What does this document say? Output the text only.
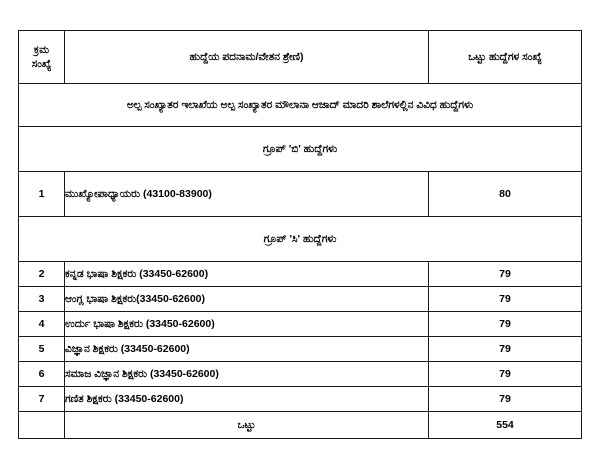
ಕ್ರಮ
ಸಂಖ್ಯೆ	ಹುದ್ದೆಯ ಪದನಾಮ/ವೇತನ ಶ್ರೇಣಿ)	ಒಟ್ಟು ಹುದ್ದೆಗಳ ಸಂಖ್ಯೆ
ಅಲ್ಪ ಸಂಖ್ಯಾತರ ಇಲಾಖೆಯ ಅಲ್ಪ ಸಂಖ್ಯಾತರ ಮೌಲಾನಾ ಆಜಾದ್ ಮಾದರಿ ಶಾಲೆಗಳಲ್ಲಿನ ವಿವಿಧ ಹುದ್ದೆಗಳು		
ಗ್ರೂಪ್ 'ಬಿ' ಹುದ್ದೆಗಳು		
1	ಮುಖ್ಯೋಪಾಧ್ಯಾಯರು (43100-83900)	80
ಗ್ರೂಪ್ 'ಸಿ' ಹುದ್ದೆಗಳು		
2	ಕನ್ನಡ ಭಾಷಾ ಶಿಕ್ಷಕರು (33450-62600)	79
3	ಆಂಗ್ಲ ಭಾಷಾ ಶಿಕ್ಷಕರು(33450-62600)	79
4	ಉರ್ದು ಭಾಷಾ ಶಿಕ್ಷಕರು (33450-62600)	79
5	ವಿಜ್ಞಾನ ಶಿಕ್ಷಕರು (33450-62600)	79
6	ಸಮಾಜ ವಿಜ್ಞಾನ ಶಿಕ್ಷಕರು (33450-62600)	79
7	ಗಣಿತ ಶಿಕ್ಷಕರು (33450-62600)	79
	ಒಟ್ಟು	554
